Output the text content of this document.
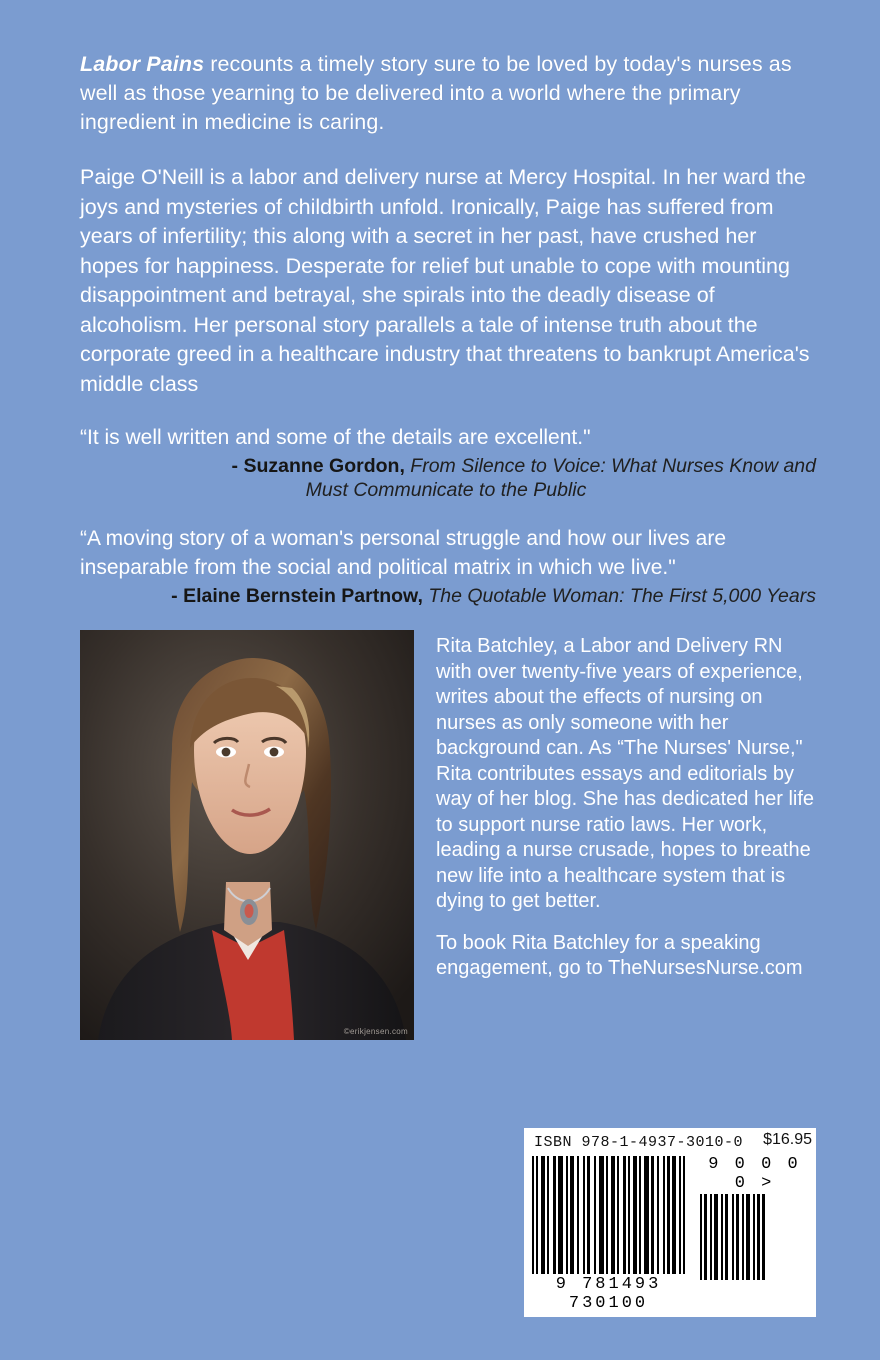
Labor Pains recounts a timely story sure to be loved by today's nurses as well as those yearning to be delivered into a world where the primary ingredient in medicine is caring.

Paige O'Neill is a labor and delivery nurse at Mercy Hospital. In her ward the joys and mysteries of childbirth unfold. Ironically, Paige has suffered from years of infertility; this along with a secret in her past, have crushed her hopes for happiness. Desperate for relief but unable to cope with mounting disappointment and betrayal, she spirals into the deadly disease of alcoholism. Her personal story parallels a tale of intense truth about the corporate greed in a healthcare industry that threatens to bankrupt America's middle class

“It is well written and some of the details are excellent."

- Suzanne Gordon, From Silence to Voice: What Nurses Know and
Must Communicate to the Public

“A moving story of a woman's personal struggle and how our lives are inseparable from the social and political matrix in which we live."

- Elaine Bernstein Partnow, The Quotable Woman: The First 5,000 Years
©erikjensen.com

Rita Batchley, a Labor and Delivery RN with over twenty-five years of experience, writes about the effects of nursing on nurses as only someone with her background can. As “The Nurses' Nurse," Rita contributes essays and editorials by way of her blog. She has dedicated her life to support nurse ratio laws. Her work, leading a nurse crusade, hopes to breathe new life into a healthcare system that is dying to get better.

To book Rita Batchley for a speaking engagement, go to TheNursesNurse.com

ISBN 978-1-4937-3010-0	$16.95
9 781493 730100
9 0 0 0 0 >
